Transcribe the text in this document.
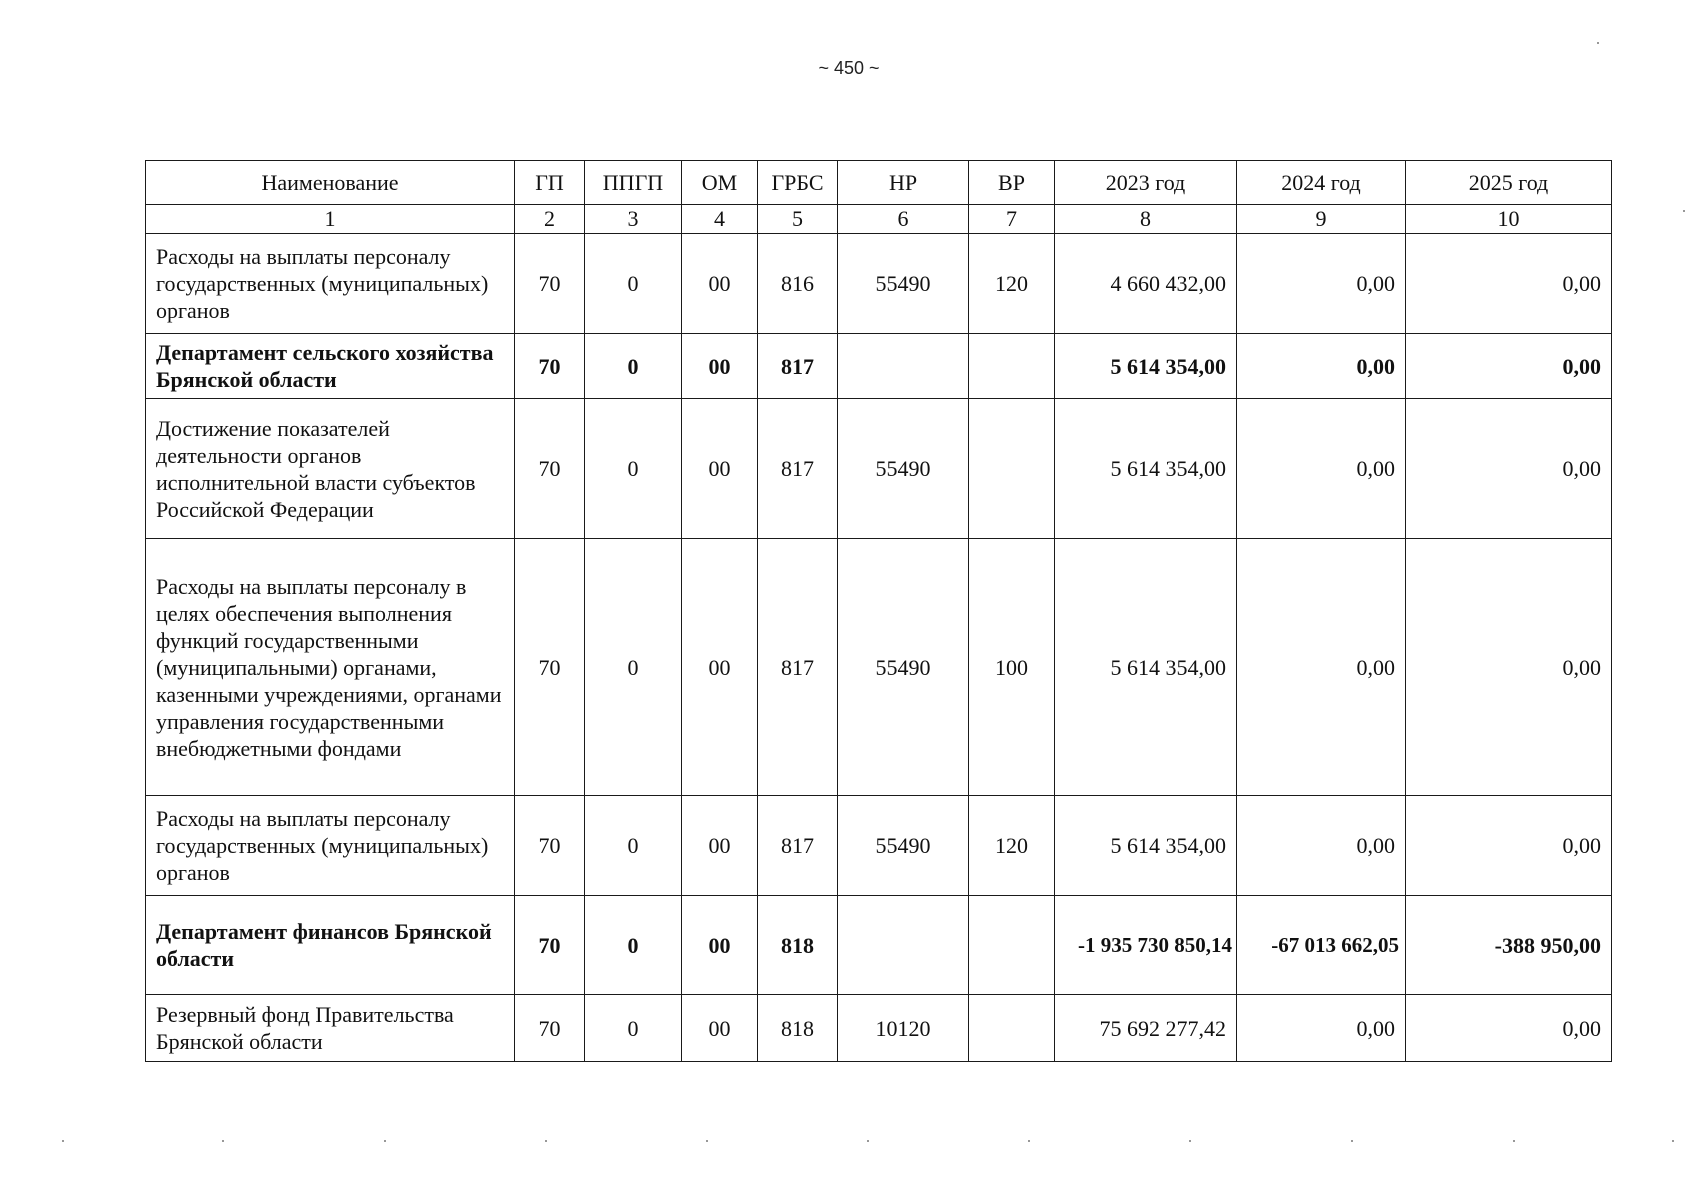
~ 450 ~
Наименование	ГП	ППГП	ОМ	ГРБС	НР	ВР	2023 год	2024 год	2025 год
1	2	3	4	5	6	7	8	9	10
Расходы на выплаты персоналу государственных (муниципальных) органов	70	0	00	816	55490	120	4 660 432,00	0,00	0,00
Департамент сельского хозяйства Брянской области	70	0	00	817			5 614 354,00	0,00	0,00
Достижение показателей деятельности органов исполнительной власти субъектов Российской Федерации	70	0	00	817	55490		5 614 354,00	0,00	0,00
Расходы на выплаты персоналу в целях обеспечения выполнения функций государственными (муниципальными) органами, казенными учреждениями, органами управления государственными внебюджетными фондами	70	0	00	817	55490	100	5 614 354,00	0,00	0,00
Расходы на выплаты персоналу государственных (муниципальных) органов	70	0	00	817	55490	120	5 614 354,00	0,00	0,00
Департамент финансов Брянской области	70	0	00	818			-1 935 730 850,14	-67 013 662,05	-388 950,00
Резервный фонд Правительства Брянской области	70	0	00	818	10120		75 692 277,42	0,00	0,00
